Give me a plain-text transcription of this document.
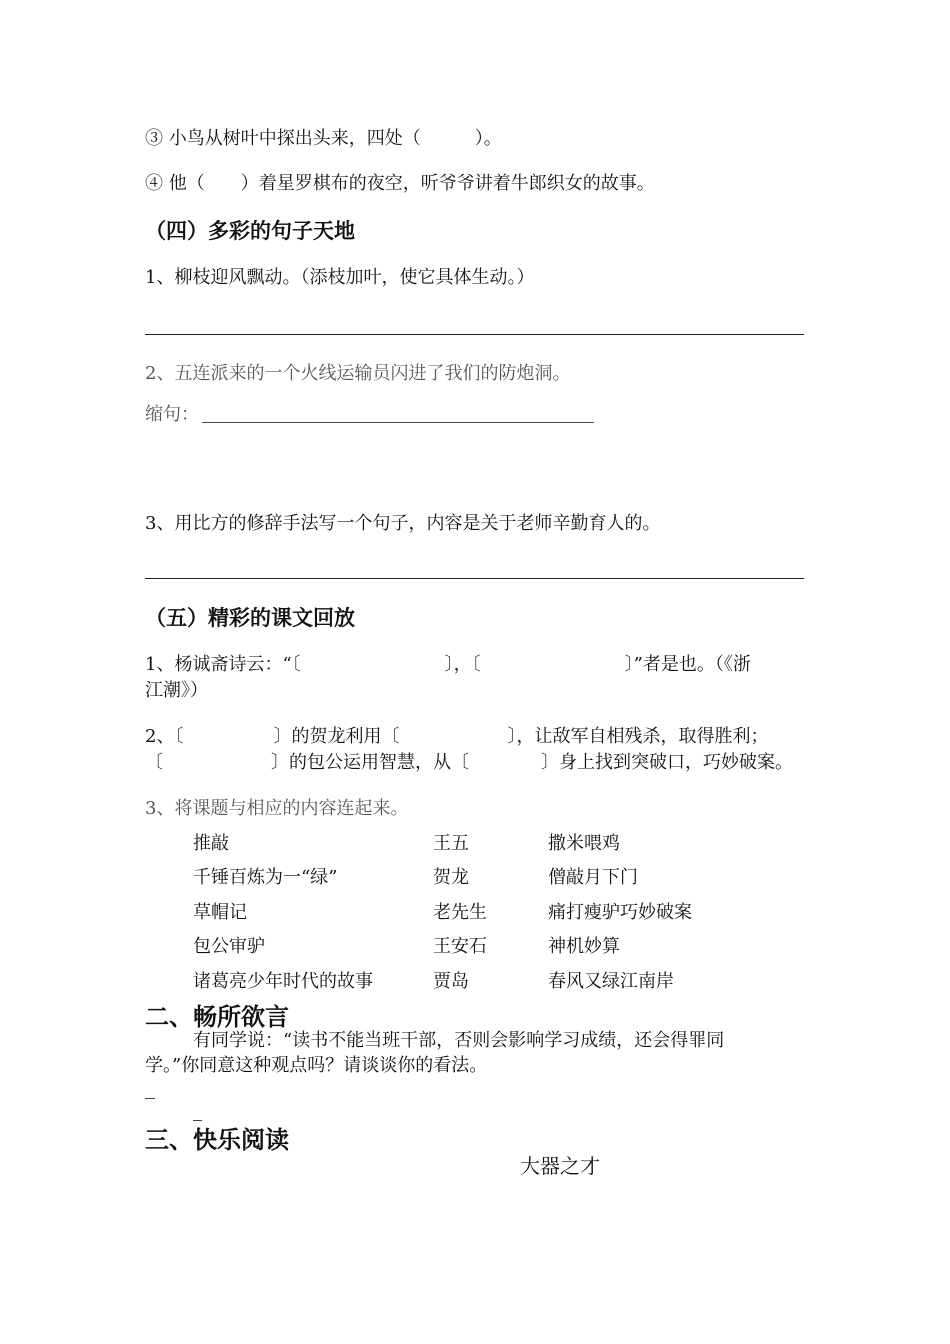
③ 小鸟从树叶中探出头来，四处（　　　）。
④ 他（　　）着星罗棋布的夜空，听爷爷讲着牛郎织女的故事。
（四）多彩的句子天地
1、柳枝迎风飘动。（添枝加叶，使它具体生动。）
2、五连派来的一个火线运输员闪进了我们的防炮洞。
缩句：
3、用比方的修辞手法写一个句子，内容是关于老师辛勤育人的。
（五）精彩的课文回放
1、杨诚斋诗云：“〔　　　　　　　　〕，〔　　　　　　　　〕”者是也。（《浙
江潮》）
2、〔　　　　　〕的贺龙利用〔　　　　　　〕，让敌军自相残杀，取得胜利；
〔　　　　　　〕的包公运用智慧，从〔　　　　〕身上找到突破口，巧妙破案。
3、将课题与相应的内容连起来。
推敲
千锤百炼为一“绿”
草帽记
包公审驴
诸葛亮少年时代的故事
王五
贺龙
老先生
王安石
贾岛
撒米喂鸡
僧敲月下门
痛打瘦驴巧妙破案
神机妙算
春风又绿江南岸
二、畅所欲言
有同学说：“读书不能当班干部，否则会影响学习成绩，还会得罪同
学。”你同意这种观点吗？请谈谈你的看法。
三、快乐阅读
大器之才
